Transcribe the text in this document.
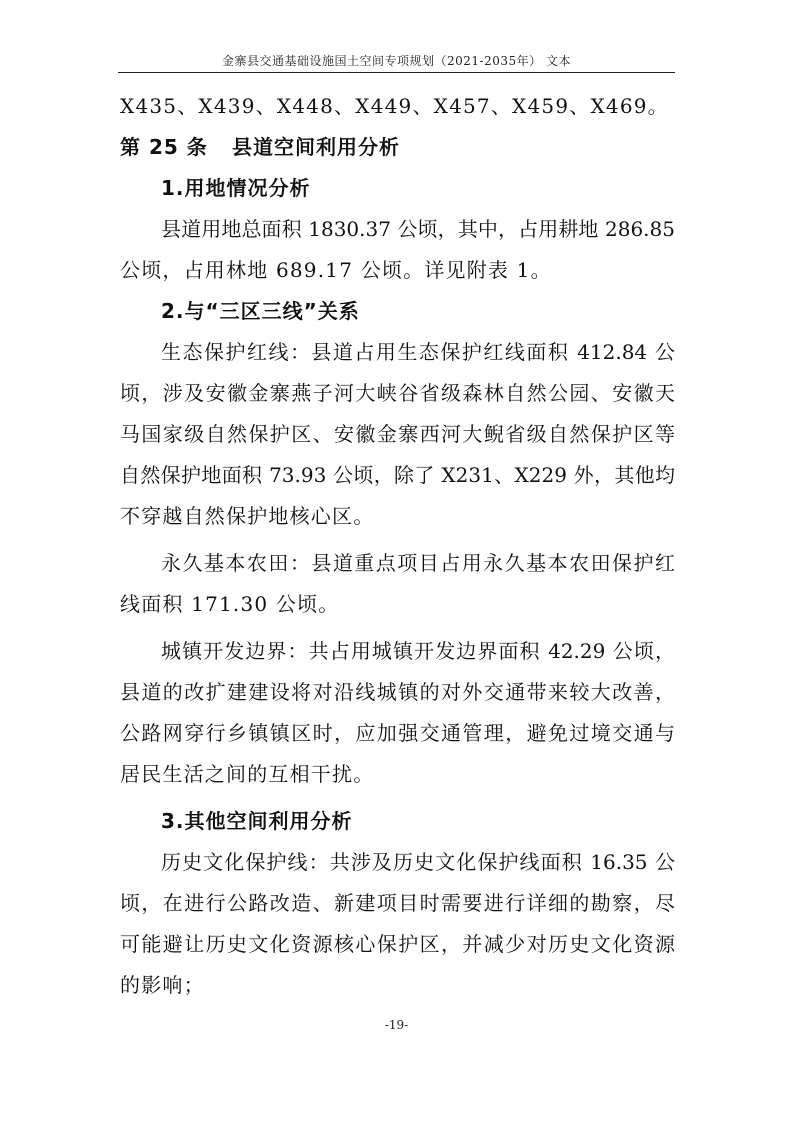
金寨县交通基础设施国土空间专项规划（2021-2035年） 文本
X435、X439、X448、X449、X457、X459、X469。
第 25 条 县道空间利用分析
1.用地情况分析
县道用地总面积 1830.37 公顷，其中，占用耕地 286.85
公顷，占用林地 689.17 公顷。详见附表 1。
2.与“三区三线”关系
生态保护红线：县道占用生态保护红线面积 412.84 公
顷，涉及安徽金寨燕子河大峡谷省级森林自然公园、安徽天
马国家级自然保护区、安徽金寨西河大鲵省级自然保护区等
自然保护地面积 73.93 公顷，除了 X231、X229 外，其他均
不穿越自然保护地核心区。
永久基本农田：县道重点项目占用永久基本农田保护红
线面积 171.30 公顷。
城镇开发边界：共占用城镇开发边界面积 42.29 公顷，
县道的改扩建建设将对沿线城镇的对外交通带来较大改善，
公路网穿行乡镇镇区时，应加强交通管理，避免过境交通与
居民生活之间的互相干扰。
3.其他空间利用分析
历史文化保护线：共涉及历史文化保护线面积 16.35 公
顷，在进行公路改造、新建项目时需要进行详细的勘察，尽
可能避让历史文化资源核心保护区，并减少对历史文化资源
的影响；
-19-
